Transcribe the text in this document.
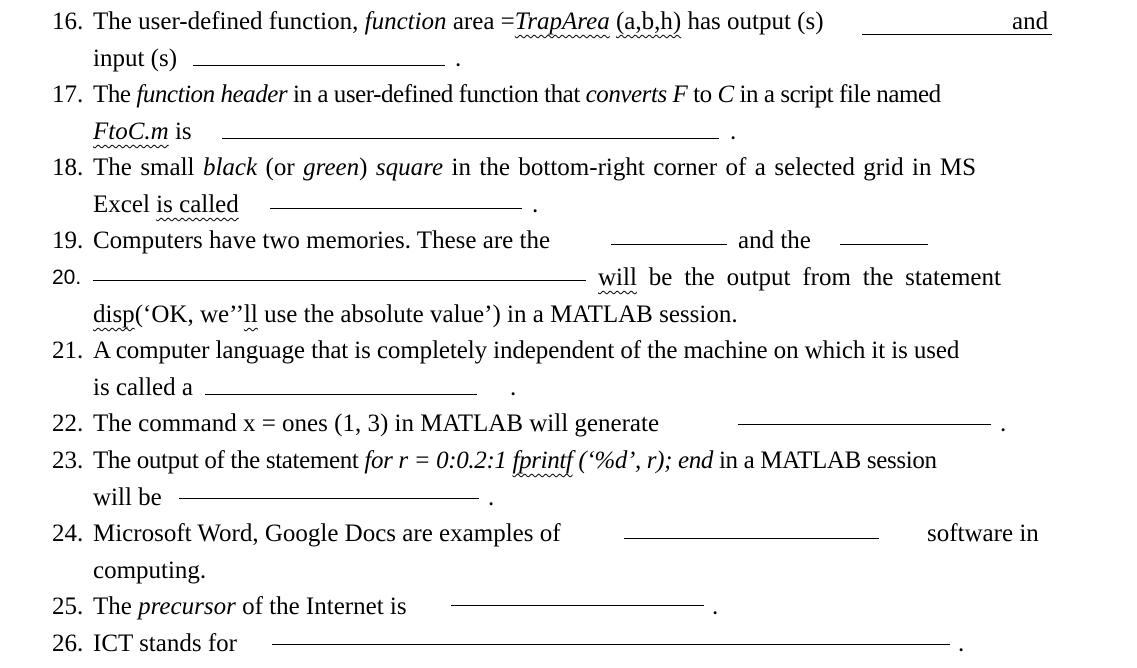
16. The user-defined function, function area =TrapArea (a,b,h) has output (s)	and
input (s)	.
17. The function header in a user-defined function that converts F to C in a script file named
FtoC.m is	.
18. The small black (or green) square in the bottom-right corner of a selected grid in MS
Excel is called	.
19. Computers have two memories. These are the	and the
20.	will be the output from the statement
disp(‘OK, we’’ll use the absolute value’) in a MATLAB session.
21. A computer language that is completely independent of the machine on which it is used
is called a	.
22. The command x = ones (1, 3) in MATLAB will generate	.
23. The output of the statement for r = 0:0.2:1 fprintf (‘%d’, r); end in a MATLAB session
will be	.
24. Microsoft Word, Google Docs are examples of	software in
computing.
25. The precursor of the Internet is	.
26. ICT stands for	.
